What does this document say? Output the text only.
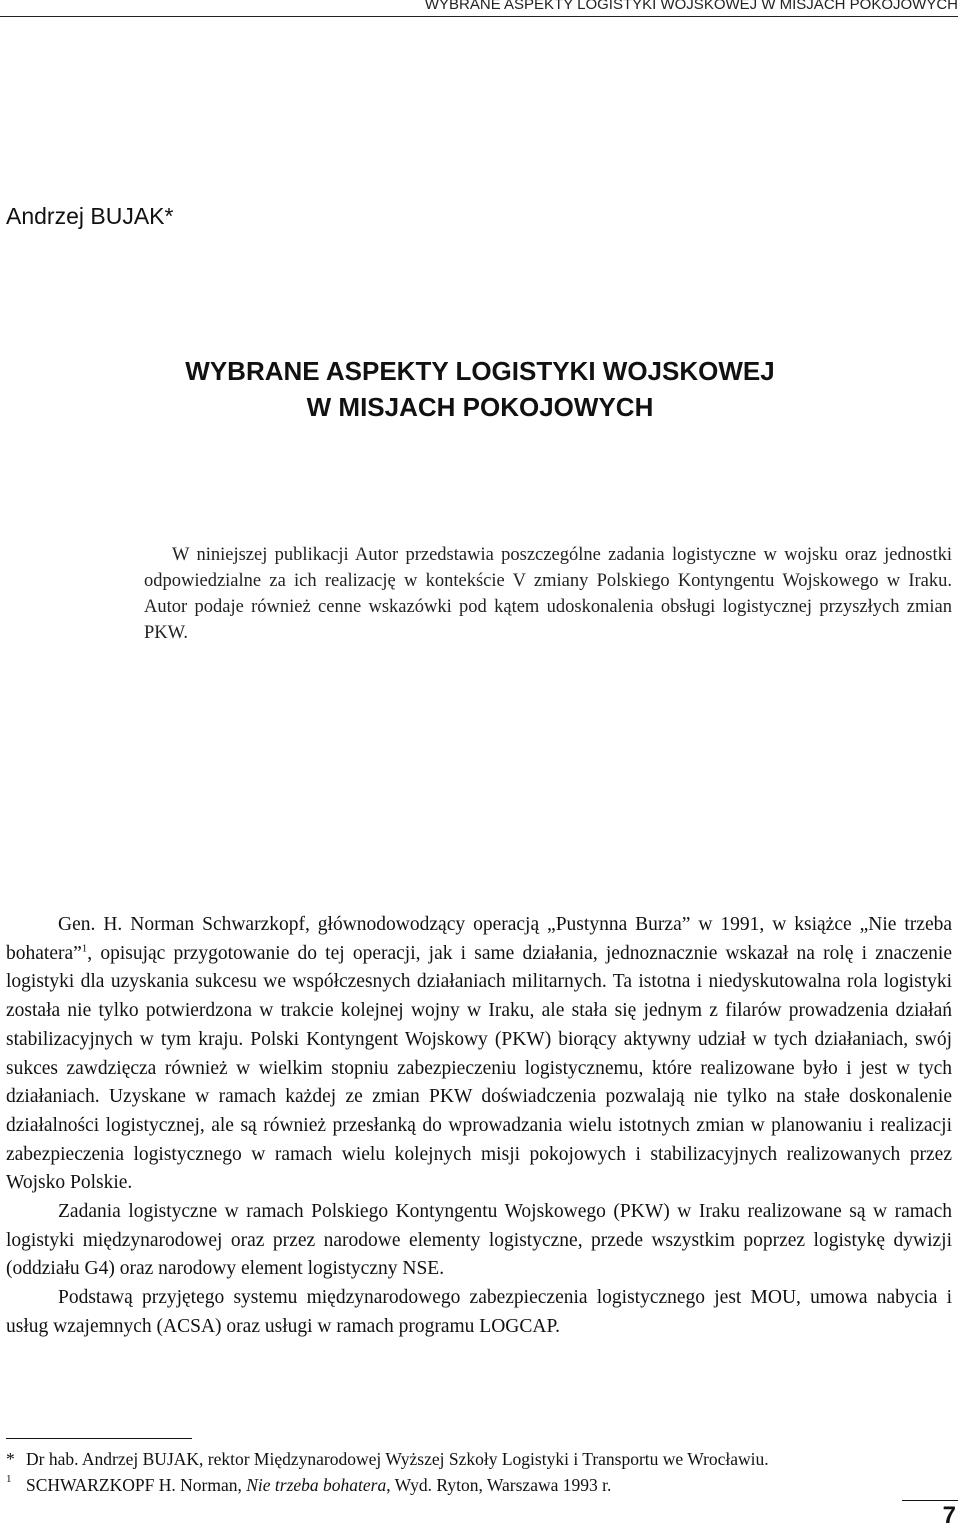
WYBRANE ASPEKTY LOGISTYKI WOJSKOWEJ W MISJACH POKOJOWYCH
Andrzej BUJAK*
WYBRANE ASPEKTY LOGISTYKI WOJSKOWEJ
W MISJACH POKOJOWYCH

W niniejszej publikacji Autor przedstawia poszczególne zadania logistyczne w wojsku oraz jednostki odpowiedzialne za ich realizację w kontekście V zmiany Polskiego Kontyngentu Wojskowego w Iraku. Autor podaje również cenne wskazówki pod kątem udoskonalenia obsługi logistycznej przyszłych zmian PKW.

Gen. H. Norman Schwarzkopf, głównodowodzący operacją „Pustynna Burza” w 1991, w książce „Nie trzeba bohatera”$^1$, opisując przygotowanie do tej operacji, jak i same działania, jednoznacznie wskazał na rolę i znaczenie logistyki dla uzyskania sukcesu we współczesnych działaniach militarnych. Ta istotna i niedyskutowalna rola logistyki została nie tylko potwierdzona w trakcie kolejnej wojny w Iraku, ale stała się jednym z filarów prowadzenia działań stabilizacyjnych w tym kraju. Polski Kontyngent Wojskowy (PKW) biorący aktywny udział w tych działaniach, swój sukces zawdzięcza również w wielkim stopniu zabezpieczeniu logistycznemu, które realizowane było i jest w tych działaniach. Uzyskane w ramach każdej ze zmian PKW doświadczenia pozwalają nie tylko na stałe doskonalenie działalności logistycznej, ale są również przesłanką do wprowadzania wielu istotnych zmian w planowaniu i realizacji zabezpieczenia logistycznego w ramach wielu kolejnych misji pokojowych i stabilizacyjnych realizowanych przez Wojsko Polskie.

Zadania logistyczne w ramach Polskiego Kontyngentu Wojskowego (PKW) w Iraku realizowane są w ramach logistyki międzynarodowej oraz przez narodowe elementy logistyczne, przede wszystkim poprzez logistykę dywizji (oddziału G4) oraz narodowy element logistyczny NSE.

Podstawą przyjętego systemu międzynarodowego zabezpieczenia logistycznego jest MOU, umowa nabycia i usług wzajemnych (ACSA) oraz usługi w ramach programu LOGCAP.

* Dr hab. Andrzej BUJAK, rektor Międzynarodowej Wyższej Szkoły Logistyki i Transportu we Wrocławiu.
1 SCHWARZKOPF H. Norman, Nie trzeba bohatera, Wyd. Ryton, Warszawa 1993 r.
7
